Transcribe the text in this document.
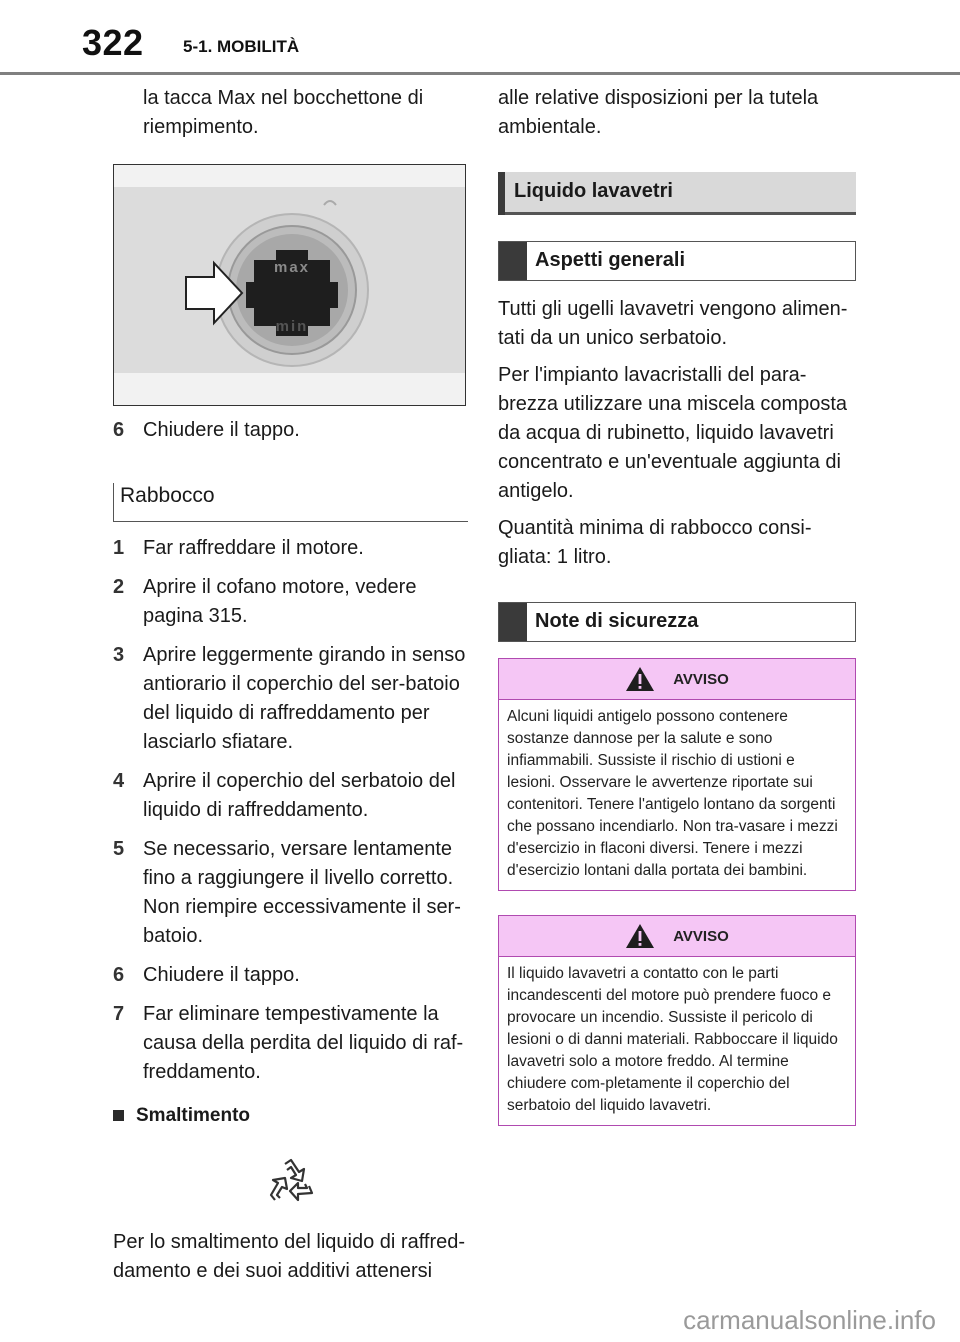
322 5-1. MOBILITÀ

la tacca Max nel bocchettone di

riempimento.

max
min
6 Chiudere il tappo.
Rabbocco
1 Far raffreddare il motore.
2 Aprire il cofano motore, vedere pagina 315.
3 Aprire leggermente girando in senso antiorario il coperchio del ser-batoio del liquido di raffreddamento per lasciarlo sfiatare.
4 Aprire il coperchio del serbatoio del liquido di raffreddamento.
5 Se necessario, versare lentamente fino a raggiungere il livello corretto. Non riempire eccessivamente il ser-batoio.
6 Chiudere il tappo.
7 Far eliminare tempestivamente la causa della perdita del liquido di raf-freddamento.
Smaltimento

Per lo smaltimento del liquido di raffred-damento e dei suoi additivi attenersi

alle relative disposizioni per la tutela ambientale.

Liquido lavavetri
Aspetti generali

Tutti gli ugelli lavavetri vengono alimen-tati da un unico serbatoio.

Per l'impianto lavacristalli del para-brezza utilizzare una miscela composta da acqua di rubinetto, liquido lavavetri concentrato e un'eventuale aggiunta di antigelo.

Quantità minima di rabbocco consi-gliata: 1 litro.

Note di sicurezza
AVVISO
Alcuni liquidi antigelo possono contenere sostanze dannose per la salute e sono infiammabili. Sussiste il rischio di ustioni e lesioni. Osservare le avvertenze riportate sui contenitori. Tenere l'antigelo lontano da sorgenti che possano incendiarlo. Non tra-vasare i mezzi d'esercizio in flaconi diversi. Tenere i mezzi d'esercizio lontani dalla portata dei bambini.
AVVISO
Il liquido lavavetri a contatto con le parti incandescenti del motore può prendere fuoco e provocare un incendio. Sussiste il pericolo di lesioni o di danni materiali. Rabboccare il liquido lavavetri solo a motore freddo. Al termine chiudere com-pletamente il coperchio del serbatoio del liquido lavavetri.
carmanualsonline.info
